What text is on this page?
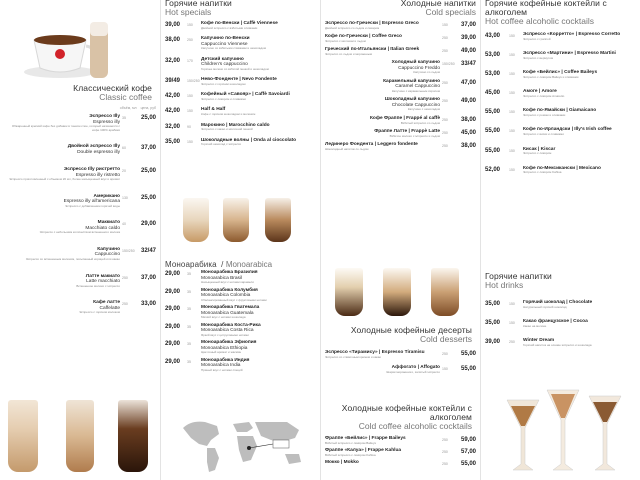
Классический кофе
Classic coffee
объём, мл цена, руб
Эспрессо Illy
Espresso illy
Обжаренный крепкий кофе без добавок в тонком слое, который начинается с кофе 100% арабики
35	25,00
Двойной эспрессо Illy
Double espresso illy
60	37,00
Эспрессо Illy ристретто
Espresso illy ristretto
Эспрессо приготовленный с объемом 20 мл, более насыщенный вкус и аромат
20	25,00
Американо
Espresso illy all'americana
Эспрессо с добавлением горячей воды
130	25,00
Маккиато
Macchiato caldo
Эспрессо с небольшим количеством вспененного молока
40	29,00
Капучино
Cappuccino
Эспрессо со вспененным молоком, посыпанный корицей или какао
150/250	32/47
Латте макиато
Latte macchiato
Вспененное молоко с эспрессо
250	37,00
Кафе латте
Caffelatte
Эспрессо с горячим молоком
250	33,00
Горячие напитки
Hot specials
39,00	150	Кофе по-Венски | Caffè Viennese
Двойной эспрессо с взбитыми сливками
38,00	250	Капучино по-Венски
Cappuccino Viennese
Капучино со взбитыми сливками и шоколадом
32,00	170	Детский капучино
Children's cappuccino
Горячее молоко со взбитой пенкой и шоколадом
39/49	150/250 Нево-Фонденте | Nevo Fondente
Эспрессо с горячим шоколадом
42,00	150	Кофейный «Савояр» | Caffè Savoiardi
Эспрессо с ликёром и сливками
42,00	150	Half & Half
Кофе с горячим шоколадом и молоком
32,00	90	Марокино | Marocchino caldo
Эспрессо с какао и молочной пенкой
35,00	150	Шоколадные волны | Onda al cioccolato
Горячий шоколад с эспрессо
Моноарабика / Monoarabica
29,00	35	Моноарабика Бразилия
Monoarabica Brasil
Насыщенный вкус с нотами карамели
29,00	35	Моноарабика Колумбия
Monoarabica Colombia
Сбалансированный вкус с фруктовыми нотами
29,00	35	Моноарабика Гватемала
Monoarabica Guatemala
Мягкий вкус с нотами шоколада
29,00	35	Моноарабика Коста-Рика
Monoarabica Costa Rica
Яркий вкус с цитрусовыми нотами
29,00	35	Моноарабика Эфиопия
Monoarabica Ethiopia
Цветочный аромат и жасмин
29,00	35	Моноарабика Индия
Monoarabica India
Пряный вкус с нотами специй
Холодные напитки
Cold specials
Эспрессо по-Гречески | Espresso Greco
Двойной эспрессо со льдом и сахаром
150	37,00
Кофе по-Гречески | Coffee Greco
Эспрессо с молоком и льдом
250	39,00
Греческий по-Итальянски | Italian Greek
Эспрессо со льдом и мороженым
250	49,00
Холодный капучино
Cappuccino Freddo
Капучино со льдом
150/250	33/47
Карамельный капучино
Caramel Cappuccino
Капучино с карамельным сиропом
250	47,00
Шоколадный капучино
Chocolate Cappuccino
Капучино с шоколадом
250	49,00
Кофе Фраппе | Frappé al caffè
Взбитый эспрессо со льдом
250	38,00
Фраппе Латте | Frappè Latte
Взбитое молоко с эспрессо и льдом
250	45,00
Лединеро Фондента | Leggero fondente
Шоколадный напиток со льдом
250	38,00
Холодные кофейные десерты
Cold desserts
Эспрессо «Тирамису» | Espresso Tiramisu
Эспрессо со сливочным кремом и какао
250	55,00
Аффогато | Affogato
Шарик мороженого, залитый эспрессо
150	55,00
Холодные кофейные коктейли с алкоголем
Cold coffee alcoholic cocktails
Фраппе «Бейлис» | Frappe Baileys
Взбитый эспрессо с ликёром Baileys
250	59,00
Фраппе «Калуа» | Frappe Kahlua
Взбитый эспрессо с ликёром Kahlua
250	57,00
Мокко | Mokko	250	55,00
Горячие кофейные коктейли с алкоголем
Hot coffee alcoholic cocktails
43,00	150	Эспрессо «Корретто» | Espresso Corretto
Эспрессо с граппой
53,00	150	Эспрессо «Мартини» | Espresso Martini
Эспрессо с вермутом
53,00	150	Кофе «Бейлис» | Coffee Baileys
Эспрессо с ликёром Baileys и сливками
45,00	150	Амоге | Amore
Эспрессо с ликёром Amaretto
55,00	150	Кофе по-Ямайски | Giamaicano
Эспрессо с ромом и сливками
55,00	150	Кофе по-Ирландски | Illy's Irish coffee
Эспрессо с виски и сливками
55,00	150	Кисак | Kiscar
Эспрессо с ликёром
52,00	150	Кофе по-Мексикански | Mexicano
Эспрессо с ликёром Kahlua
Горячие напитки
Hot drinks
35,00	150	Горячий шоколад | Chocolate
Натуральный горячий шоколад
35,00	150	Какао французское | Cocoa
Какао на молоке
39,00	250	Winter Dream
Горячий напиток на основе эспрессо и шоколада
